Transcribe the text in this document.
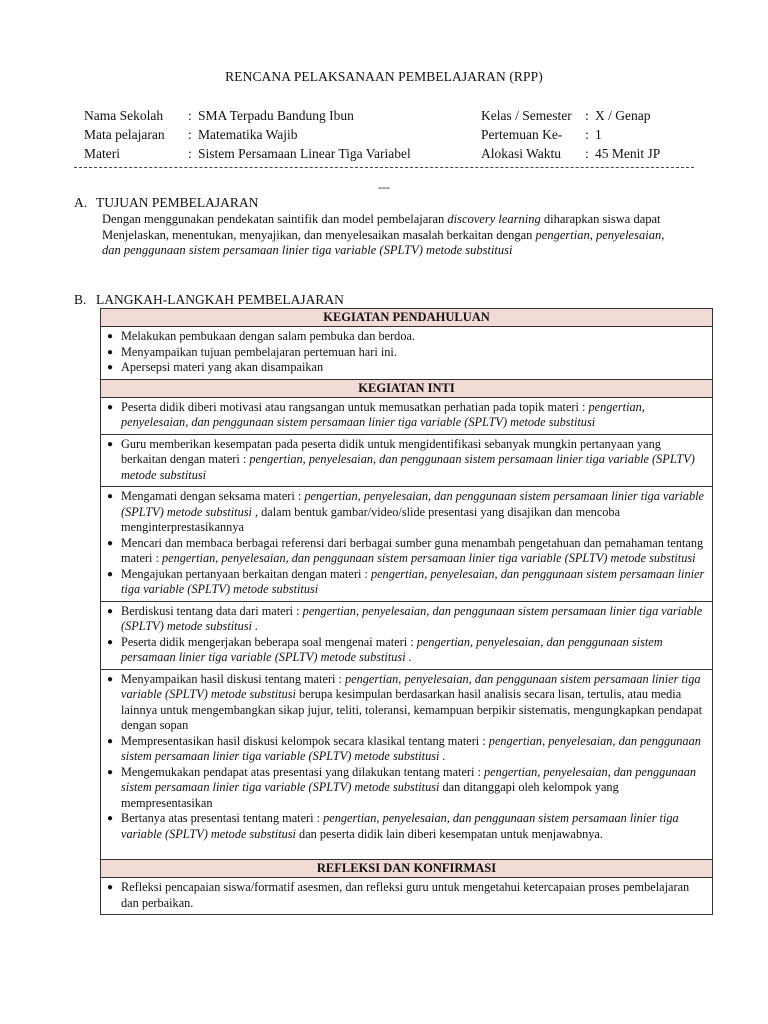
RENCANA PELAKSANAAN PEMBELAJARAN (RPP)
Nama Sekolah	: SMA Terpadu Bandung Ibun	Kelas / Semester : X / Genap
Mata pelajaran	: Matematika Wajib	Pertemuan Ke-	: 1
Materi	: Sistem Persamaan Linear Tiga Variabel	Alokasi Waktu	: 45 Menit JP
---
A. TUJUAN PEMBELAJARAN
Dengan menggunakan pendekatan saintifik dan model pembelajaran discovery learning diharapkan siswa dapat Menjelaskan, menentukan, menyajikan, dan menyelesaikan masalah berkaitan dengan pengertian, penyelesaian, dan penggunaan sistem persamaan linier tiga variable (SPLTV) metode substitusi
B. LANGKAH-LANGKAH PEMBELAJARAN
KEGIATAN PENDAHULUAN
● Melakukan pembukaan dengan salam pembuka dan berdoa.
● Menyampaikan tujuan pembelajaran pertemuan hari ini.
● Apersepsi materi yang akan disampaikan
KEGIATAN INTI
● Peserta didik diberi motivasi atau rangsangan untuk memusatkan perhatian pada topik materi : pengertian, penyelesaian, dan penggunaan sistem persamaan linier tiga variable (SPLTV) metode substitusi
● Guru memberikan kesempatan pada peserta didik untuk mengidentifikasi sebanyak mungkin pertanyaan yang berkaitan dengan materi : pengertian, penyelesaian, dan penggunaan sistem persamaan linier tiga variable (SPLTV) metode substitusi
● Mengamati dengan seksama materi : pengertian, penyelesaian, dan penggunaan sistem persamaan linier tiga variable (SPLTV) metode substitusi , dalam bentuk gambar/video/slide presentasi yang disajikan dan mencoba menginterprestasikannya
● Mencari dan membaca berbagai referensi dari berbagai sumber guna menambah pengetahuan dan pemahaman tentang materi : pengertian, penyelesaian, dan penggunaan sistem persamaan linier tiga variable (SPLTV) metode substitusi
● Mengajukan pertanyaan berkaitan dengan materi : pengertian, penyelesaian, dan penggunaan sistem persamaan linier tiga variable (SPLTV) metode substitusi
● Berdiskusi tentang data dari materi : pengertian, penyelesaian, dan penggunaan sistem persamaan linier tiga variable (SPLTV) metode substitusi .
● Peserta didik mengerjakan beberapa soal mengenai materi : pengertian, penyelesaian, dan penggunaan sistem persamaan linier tiga variable (SPLTV) metode substitusi .
● Menyampaikan hasil diskusi tentang materi : pengertian, penyelesaian, dan penggunaan sistem persamaan linier tiga variable (SPLTV) metode substitusi berupa kesimpulan berdasarkan hasil analisis secara lisan, tertulis, atau media lainnya untuk mengembangkan sikap jujur, teliti, toleransi, kemampuan berpikir sistematis, mengungkapkan pendapat dengan sopan
● Mempresentasikan hasil diskusi kelompok secara klasikal tentang materi : pengertian, penyelesaian, dan penggunaan sistem persamaan linier tiga variable (SPLTV) metode substitusi .
● Mengemukakan pendapat atas presentasi yang dilakukan tentang materi : pengertian, penyelesaian, dan penggunaan sistem persamaan linier tiga variable (SPLTV) metode substitusi dan ditanggapi oleh kelompok yang mempresentasikan
● Bertanya atas presentasi tentang materi : pengertian, penyelesaian, dan penggunaan sistem persamaan linier tiga variable (SPLTV) metode substitusi dan peserta didik lain diberi kesempatan untuk menjawabnya.
REFLEKSI DAN KONFIRMASI
● Refleksi pencapaian siswa/formatif asesmen, dan refleksi guru untuk mengetahui ketercapaian proses pembelajaran dan perbaikan.
